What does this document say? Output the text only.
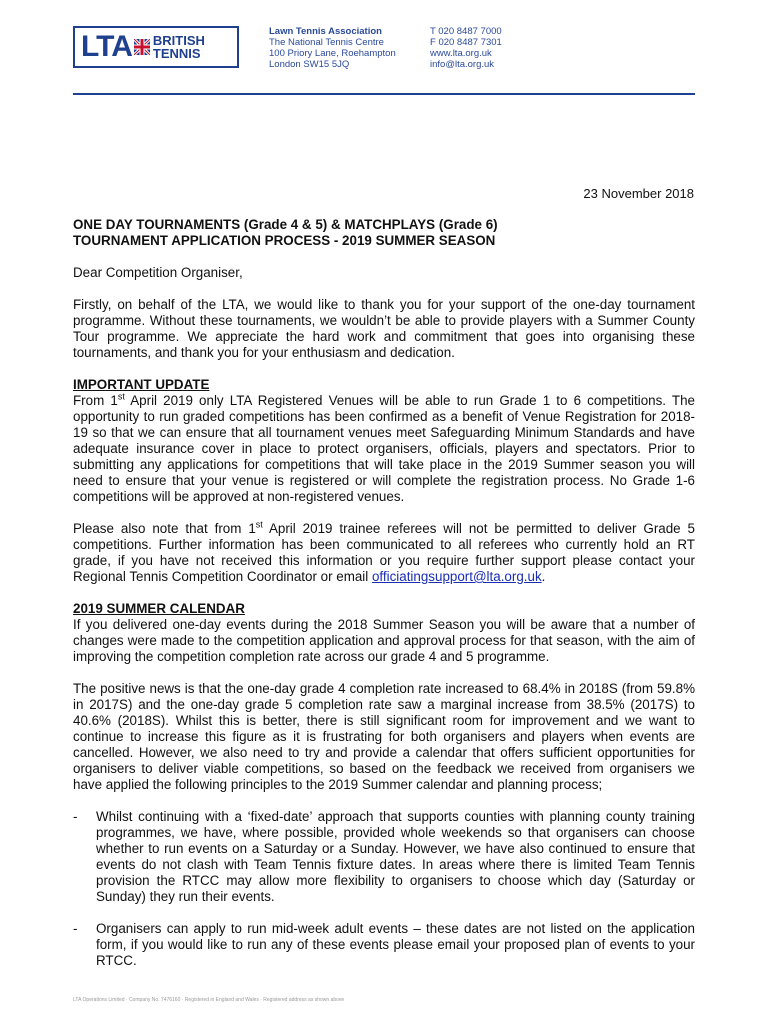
LTA BRITISH
TENNIS
Lawn Tennis Association
The National Tennis Centre
100 Priory Lane, Roehampton
London SW15 5JQ
T 020 8487 7000
F 020 8487 7301
www.lta.org.uk
info@lta.org.uk
23 November 2018
ONE DAY TOURNAMENTS (Grade 4 & 5) & MATCHPLAYS (Grade 6)
TOURNAMENT APPLICATION PROCESS - 2019 SUMMER SEASON

Dear Competition Organiser,

Firstly, on behalf of the LTA, we would like to thank you for your support of the one-day tournament programme. Without these tournaments, we wouldn’t be able to provide players with a Summer County Tour programme. We appreciate the hard work and commitment that goes into organising these tournaments, and thank you for your enthusiasm and dedication.

IMPORTANT UPDATE

From 1st April 2019 only LTA Registered Venues will be able to run Grade 1 to 6 competitions. The opportunity to run graded competitions has been confirmed as a benefit of Venue Registration for 2018-19 so that we can ensure that all tournament venues meet Safeguarding Minimum Standards and have adequate insurance cover in place to protect organisers, officials, players and spectators. Prior to submitting any applications for competitions that will take place in the 2019 Summer season you will need to ensure that your venue is registered or will complete the registration process. No Grade 1-6 competitions will be approved at non-registered venues.

Please also note that from 1st April 2019 trainee referees will not be permitted to deliver Grade 5 competitions. Further information has been communicated to all referees who currently hold an RT grade, if you have not received this information or you require further support please contact your Regional Tennis Competition Coordinator or email officiatingsupport@lta.org.uk.

2019 SUMMER CALENDAR

If you delivered one-day events during the 2018 Summer Season you will be aware that a number of changes were made to the competition application and approval process for that season, with the aim of improving the competition completion rate across our grade 4 and 5 programme.

The positive news is that the one-day grade 4 completion rate increased to 68.4% in 2018S (from 59.8% in 2017S) and the one-day grade 5 completion rate saw a marginal increase from 38.5% (2017S) to 40.6% (2018S). Whilst this is better, there is still significant room for improvement and we want to continue to increase this figure as it is frustrating for both organisers and players when events are cancelled. However, we also need to try and provide a calendar that offers sufficient opportunities for organisers to deliver viable competitions, so based on the feedback we received from organisers we have applied the following principles to the 2019 Summer calendar and planning process;

-	Whilst continuing with a ‘fixed-date’ approach that supports counties with planning county training programmes, we have, where possible, provided whole weekends so that organisers can choose whether to run events on a Saturday or a Sunday. However, we have also continued to ensure that events do not clash with Team Tennis fixture dates. In areas where there is limited Team Tennis provision the RTCC may allow more flexibility to organisers to choose which day (Saturday or Sunday) they run their events.
-	Organisers can apply to run mid-week adult events – these dates are not listed on the application form, if you would like to run any of these events please email your proposed plan of events to your RTCC.
LTA Operations Limited · Company No. 7476160 · Registered in England and Wales · Registered address as shown above
